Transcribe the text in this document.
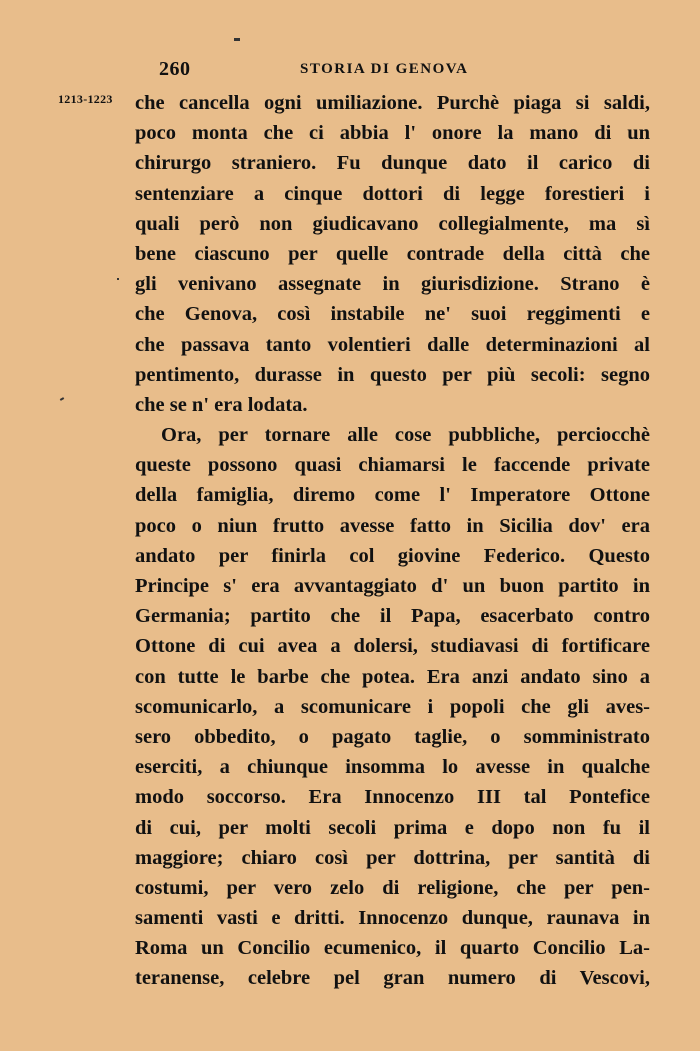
260	STORIA DI GENOVA
1213-1223 che cancella ogni umiliazione. Purchè piaga si saldi,
poco monta che ci abbia l' onore la mano di un
chirurgo straniero. Fu dunque dato il carico di
sentenziare a cinque dottori di legge forestieri i
quali però non giudicavano collegialmente, ma sì
bene ciascuno per quelle contrade della città che
gli venivano assegnate in giurisdizione. Strano è
che Genova, così instabile ne' suoi reggimenti e
che passava tanto volentieri dalle determinazioni al
pentimento, durasse in questo per più secoli: segno
che se n' era lodata.
Ora, per tornare alle cose pubbliche, perciocchè
queste possono quasi chiamarsi le faccende private
della famiglia, diremo come l' Imperatore Ottone
poco o niun frutto avesse fatto in Sicilia dov' era
andato per finirla col giovine Federico. Questo
Principe s' era avvantaggiato d' un buon partito in
Germania; partito che il Papa, esacerbato contro
Ottone di cui avea a dolersi, studiavasi di fortificare
con tutte le barbe che potea. Era anzi andato sino a
scomunicarlo, a scomunicare i popoli che gli aves-
sero obbedito, o pagato taglie, o somministrato
eserciti, a chiunque insomma lo avesse in qualche
modo soccorso. Era Innocenzo III tal Pontefice
di cui, per molti secoli prima e dopo non fu il
maggiore; chiaro così per dottrina, per santità di
costumi, per vero zelo di religione, che per pen-
samenti vasti e dritti. Innocenzo dunque, raunava in
Roma un Concilio ecumenico, il quarto Concilio La-
teranense, celebre pel gran numero di Vescovi,
